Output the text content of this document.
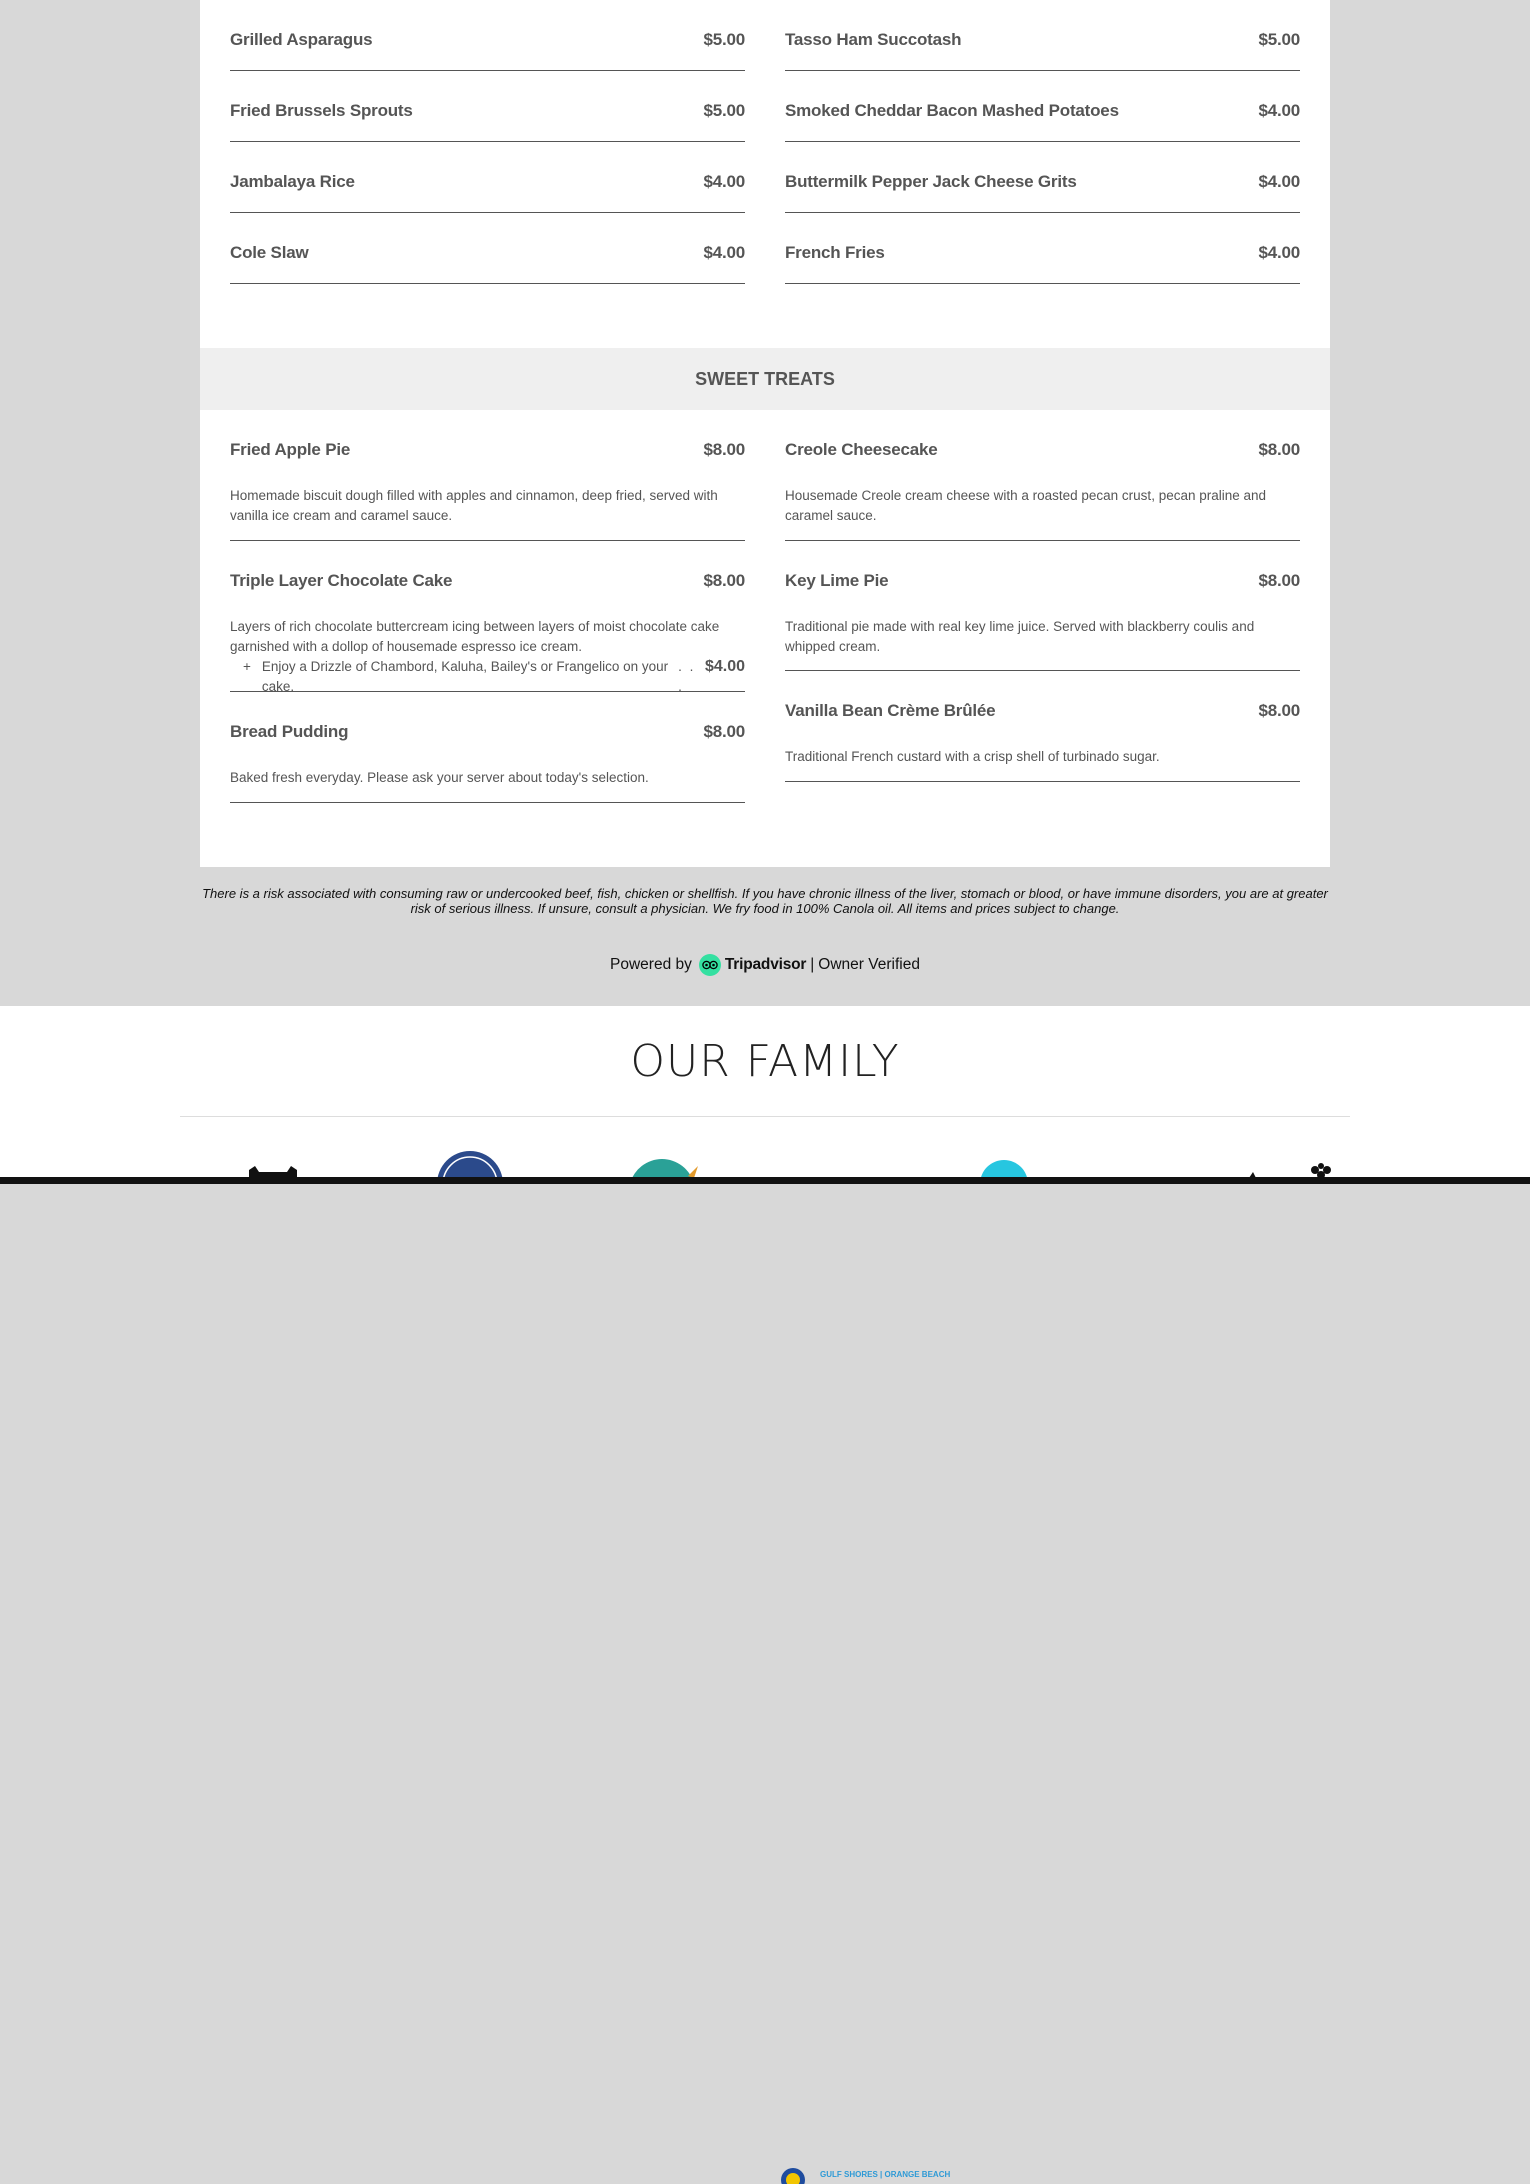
Grilled Asparagus	$5.00 Tasso Ham Succotash	$5.00
Fried Brussels Sprouts	$5.00 Smoked Cheddar Bacon Mashed Potatoes	$4.00
Jambalaya Rice	$4.00 Buttermilk Pepper Jack Cheese Grits	$4.00
Cole Slaw	$4.00 French Fries	$4.00
Fried Apple Pie	$8.00
Homemade biscuit dough filled with apples and cinnamon, deep fried, served with vanilla ice cream and caramel sauce.
Creole Cheesecake	$8.00
Housemade Creole cream cheese with a roasted pecan crust, pecan praline and caramel sauce.
Triple Layer Chocolate Cake	$8.00
Layers of rich chocolate buttercream icing between layers of moist chocolate cake garnished with a dollop of housemade espresso ice cream.
+ Enjoy a Drizzle of Chambord, Kaluha, Bailey's or Frangelico on your cake.
. . .
$4.00
Key Lime Pie	$8.00
Traditional pie made with real key lime juice. Served with blackberry coulis and whipped cream.
Bread Pudding	$8.00
Baked fresh everyday. Please ask your server about today's selection.
Vanilla Bean Crème Brûlée	$8.00
Traditional French custard with a crisp shell of turbinado sugar.
SWEET TREATS
There is a risk associated with consuming raw or undercooked beef, fish, chicken or shellfish. If you have chronic illness of the liver, stomach or blood, or have immune disorders, you are at greater risk of serious illness. If unsure, consult a physician. We fry food in 100% Canola oil. All items and prices subject to change.
Powered by Tripadvisor | Owner Verified
OUR FAMILY
GULF SHORES | ORANGE BEACH
